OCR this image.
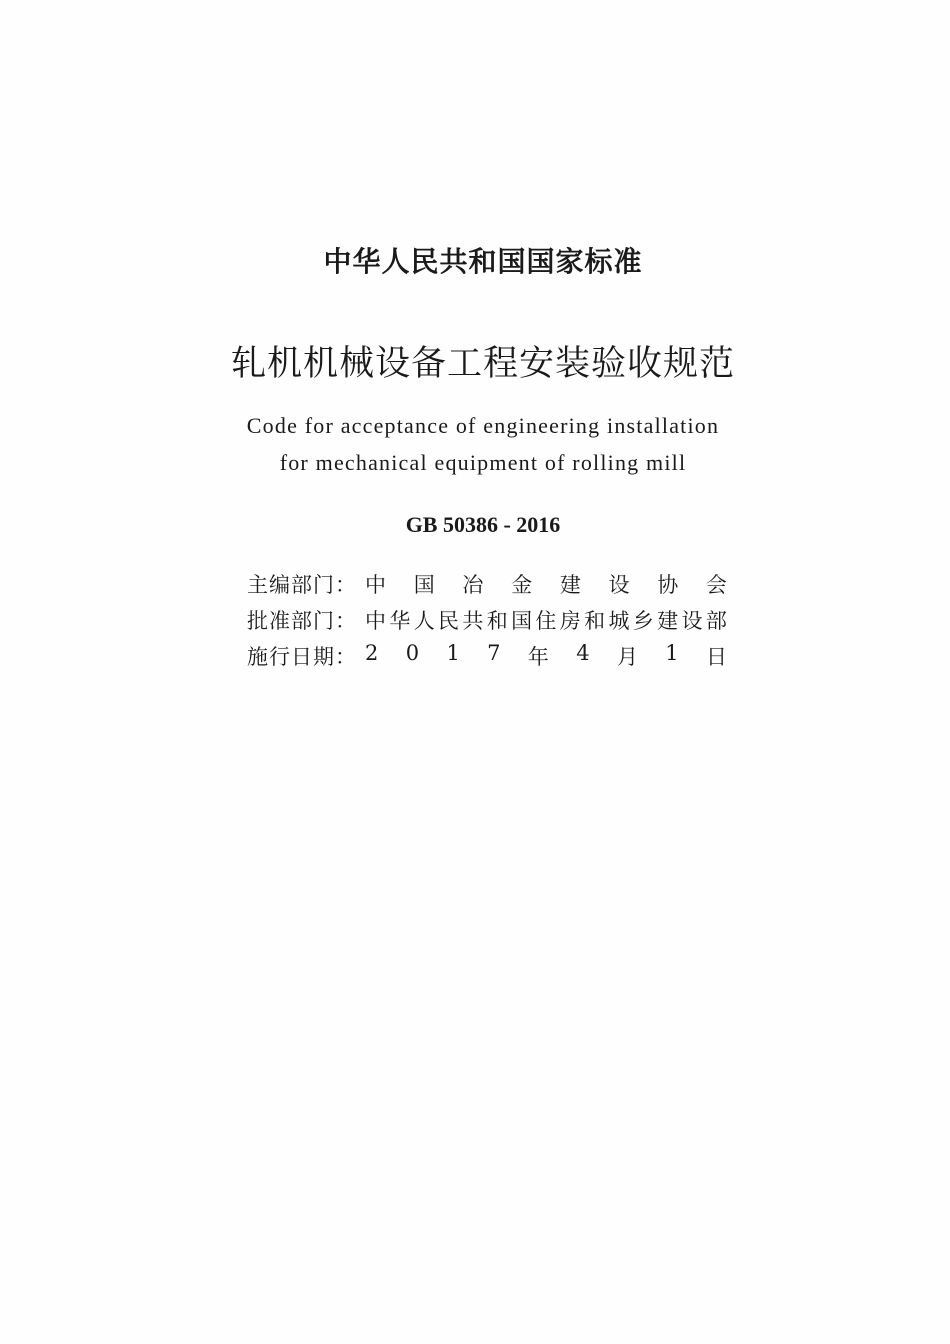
中华人民共和国国家标准
轧机机械设备工程安装验收规范
Code for acceptance of engineering installation
for mechanical equipment of rolling mill
GB 50386 - 2016
主编部门： 中 国 冶 金 建 设 协 会
批准部门： 中 华 人 民 共 和 国 住 房 和 城 乡 建 设 部
施行日期： 2 0 1 7 年 4 月 1 日
